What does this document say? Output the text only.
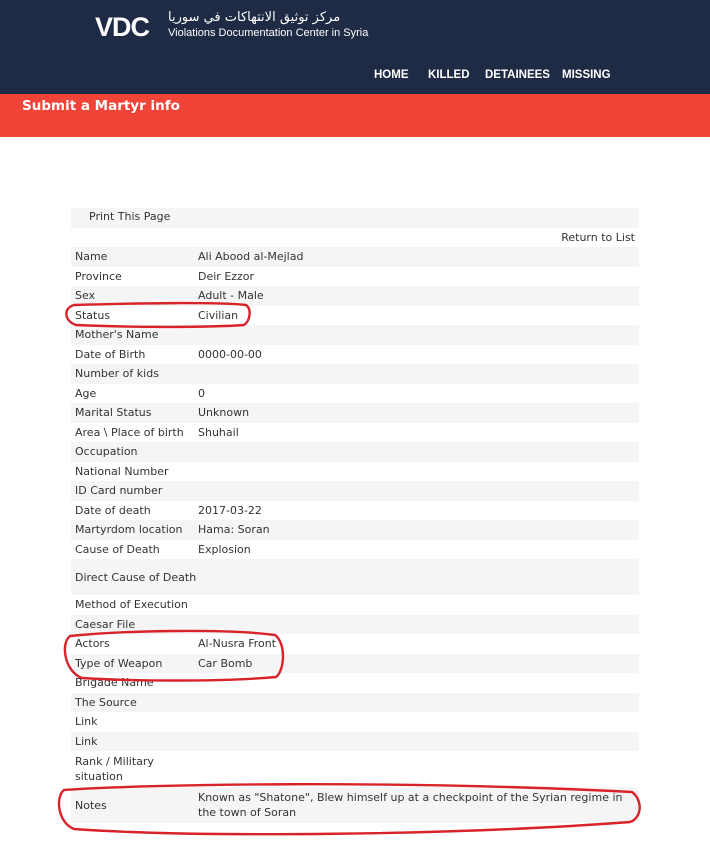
VDC مركز توثيق الانتهاكات في سوريا
Violations Documentation Center in Syria
HOME KILLED DETAINEES MISSING
Submit a Martyr info
Print This Page
Return to List
Name	Ali Abood al-Mejlad
Province	Deir Ezzor
Sex	Adult - Male
Status	Civilian
Mother's Name	
Date of Birth	0000-00-00
Number of kids	
Age	0
Marital Status	Unknown
Area \ Place of birth	Shuhail
Occupation	
National Number	
ID Card number	
Date of death	2017-03-22
Martyrdom location	Hama: Soran
Cause of Death	Explosion
Direct Cause of Death	
Method of Execution	
Caesar File	
Actors	Al-Nusra Front
Type of Weapon	Car Bomb
Brigade Name	
The Source	
Link	
Link	
Rank / Military situation	
Notes	Known as "Shatone", Blew himself up at a checkpoint of the Syrian regime in the town of Soran
